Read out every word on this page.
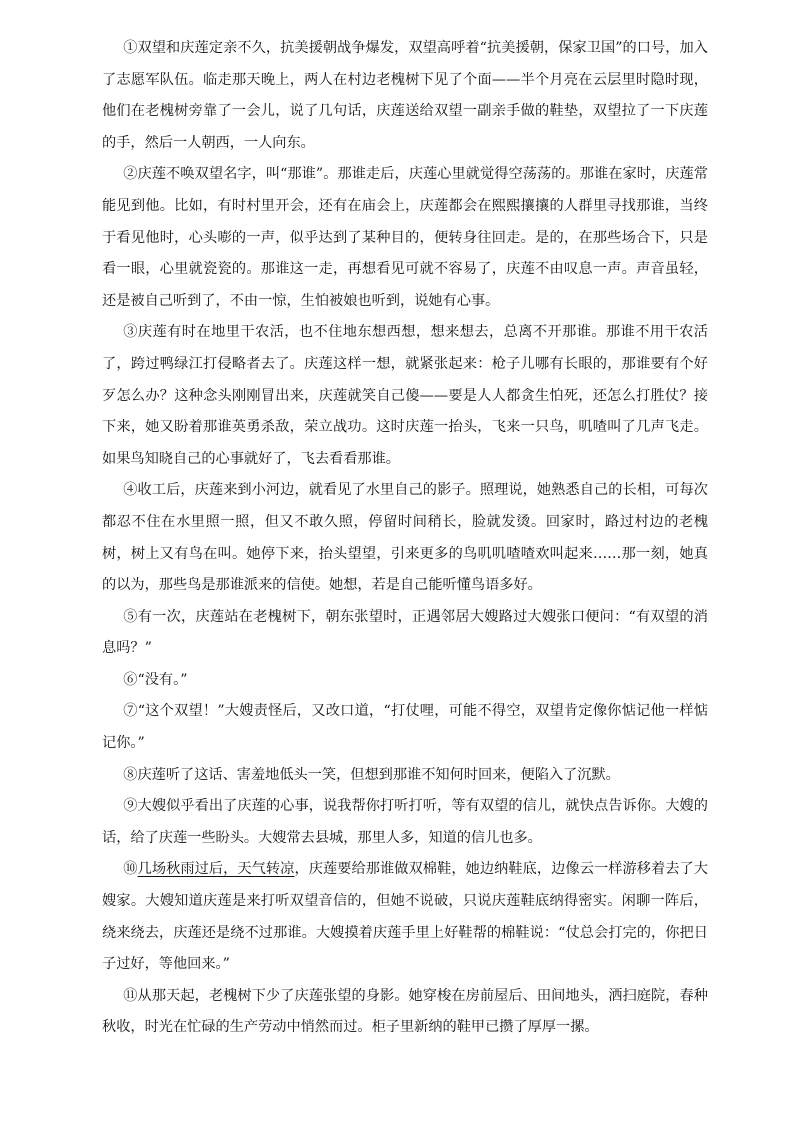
①双望和庆莲定亲不久，抗美援朝战争爆发，双望高呼着“抗美援朝，保家卫国”的口号，加入了志愿军队伍。临走那天晚上，两人在村边老槐树下见了个面——半个月亮在云层里时隐时现，他们在老槐树旁靠了一会儿，说了几句话，庆莲送给双望一副亲手做的鞋垫，双望拉了一下庆莲的手，然后一人朝西，一人向东。

②庆莲不唤双望名字，叫“那谁”。那谁走后，庆莲心里就觉得空荡荡的。那谁在家时，庆莲常能见到他。比如，有时村里开会，还有在庙会上，庆莲都会在熙熙攘攘的人群里寻找那谁，当终于看见他时，心头嘭的一声，似乎达到了某种目的，便转身往回走。是的，在那些场合下，只是看一眼，心里就瓷瓷的。那谁这一走，再想看见可就不容易了，庆莲不由叹息一声。声音虽轻，还是被自己听到了，不由一惊，生怕被娘也听到，说她有心事。

③庆莲有时在地里干农活，也不住地东想西想，想来想去，总离不开那谁。那谁不用干农活了，跨过鸭绿江打侵略者去了。庆莲这样一想，就紧张起来：枪子儿哪有长眼的，那谁要有个好歹怎么办？这种念头刚刚冒出来，庆莲就笑自己傻——要是人人都贪生怕死，还怎么打胜仗？接下来，她又盼着那谁英勇杀敌，荣立战功。这时庆莲一抬头，飞来一只鸟，叽喳叫了几声飞走。如果鸟知晓自己的心事就好了，飞去看看那谁。

④收工后，庆莲来到小河边，就看见了水里自己的影子。照理说，她熟悉自己的长相，可每次都忍不住在水里照一照，但又不敢久照，停留时间稍长，脸就发烫。回家时，路过村边的老槐树，树上又有鸟在叫。她停下来，抬头望望，引来更多的鸟叽叽喳喳欢叫起来……那一刻，她真的以为，那些鸟是那谁派来的信使。她想，若是自己能听懂鸟语多好。

⑤有一次，庆莲站在老槐树下，朝东张望时，正遇邻居大嫂路过大嫂张口便问：“有双望的消息吗？”

⑥“没有。”

⑦“这个双望！”大嫂责怪后，又改口道，“打仗哩，可能不得空，双望肯定像你惦记他一样惦记你。”

⑧庆莲听了这话、害羞地低头一笑，但想到那谁不知何时回来，便陷入了沉默。

⑨大嫂似乎看出了庆莲的心事，说我帮你打听打听，等有双望的信儿，就快点告诉你。大嫂的话，给了庆莲一些盼头。大嫂常去县城，那里人多，知道的信儿也多。

⑩几场秋雨过后，天气转凉，庆莲要给那谁做双棉鞋，她边纳鞋底，边像云一样游移着去了大嫂家。大嫂知道庆莲是来打听双望音信的，但她不说破，只说庆莲鞋底纳得密实。闲聊一阵后，绕来绕去，庆莲还是绕不过那谁。大嫂摸着庆莲手里上好鞋帮的棉鞋说：“仗总会打完的，你把日子过好，等他回来。”

⑪从那天起，老槐树下少了庆莲张望的身影。她穿梭在房前屋后、田间地头，洒扫庭院，春种秋收，时光在忙碌的生产劳动中悄然而过。柜子里新纳的鞋甲已攒了厚厚一摞。
